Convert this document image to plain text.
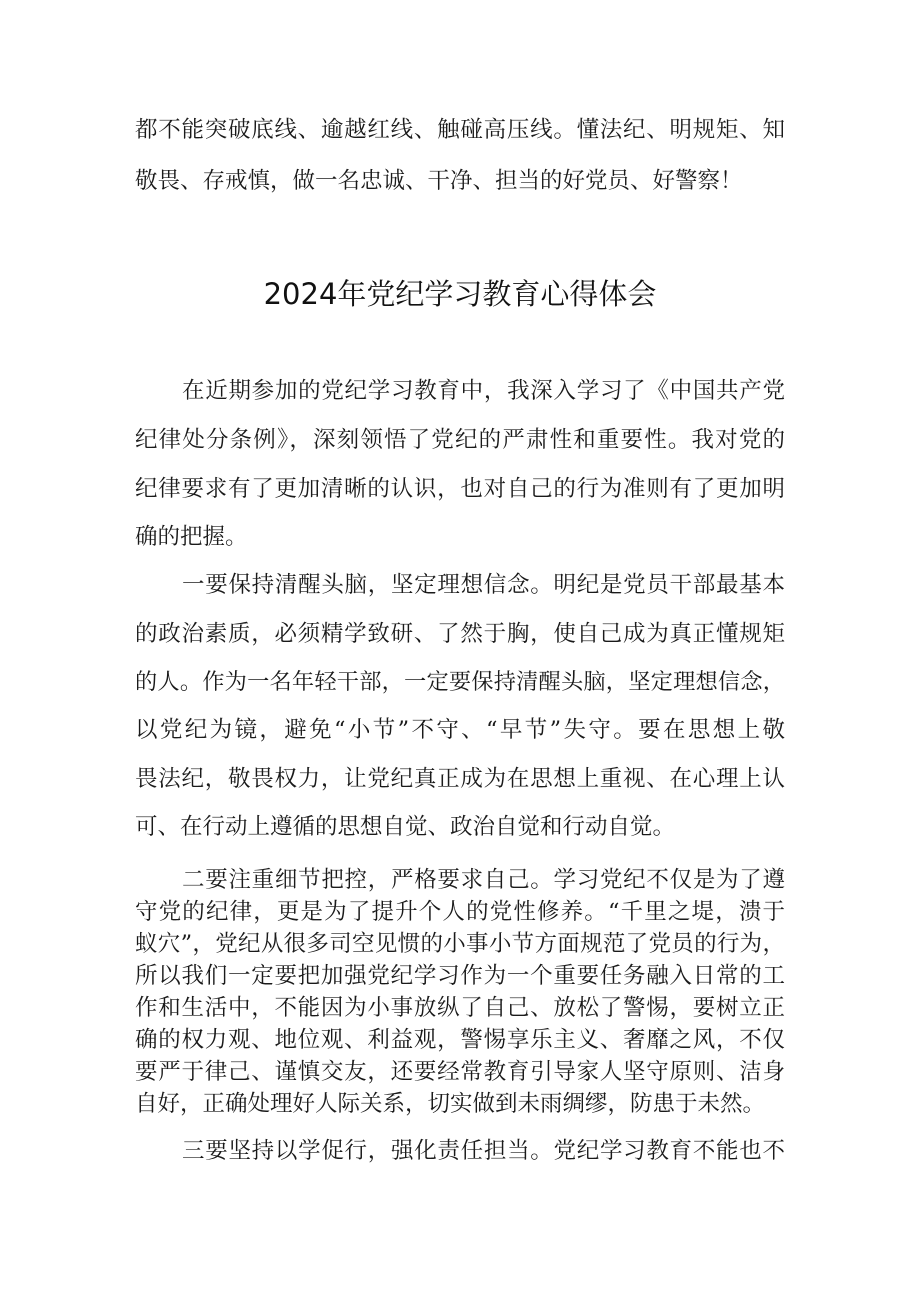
都不能突破底线、逾越红线、触碰高压线。懂法纪、明规矩、知
敬畏、存戒慎，做一名忠诚、干净、担当的好党员、好警察！
2024年党纪学习教育心得体会
在近期参加的党纪学习教育中，我深入学习了《中国共产党
纪律处分条例》，深刻领悟了党纪的严肃性和重要性。我对党的
纪律要求有了更加清晰的认识，也对自己的行为准则有了更加明
确的把握。
一要保持清醒头脑，坚定理想信念。明纪是党员干部最基本
的政治素质，必须精学致研、了然于胸，使自己成为真正懂规矩
的人。作为一名年轻干部，一定要保持清醒头脑，坚定理想信念，
以党纪为镜，避免“小节”不守、“早节”失守。要在思想上敬
畏法纪，敬畏权力，让党纪真正成为在思想上重视、在心理上认
可、在行动上遵循的思想自觉、政治自觉和行动自觉。
二要注重细节把控，严格要求自己。学习党纪不仅是为了遵
守党的纪律，更是为了提升个人的党性修养。“千里之堤，溃于
蚁穴”，党纪从很多司空见惯的小事小节方面规范了党员的行为，
所以我们一定要把加强党纪学习作为一个重要任务融入日常的工
作和生活中，不能因为小事放纵了自己、放松了警惕，要树立正
确的权力观、地位观、利益观，警惕享乐主义、奢靡之风，不仅
要严于律己、谨慎交友，还要经常教育引导家人坚守原则、洁身
自好，正确处理好人际关系，切实做到未雨绸缪，防患于未然。
三要坚持以学促行，强化责任担当。党纪学习教育不能也不
